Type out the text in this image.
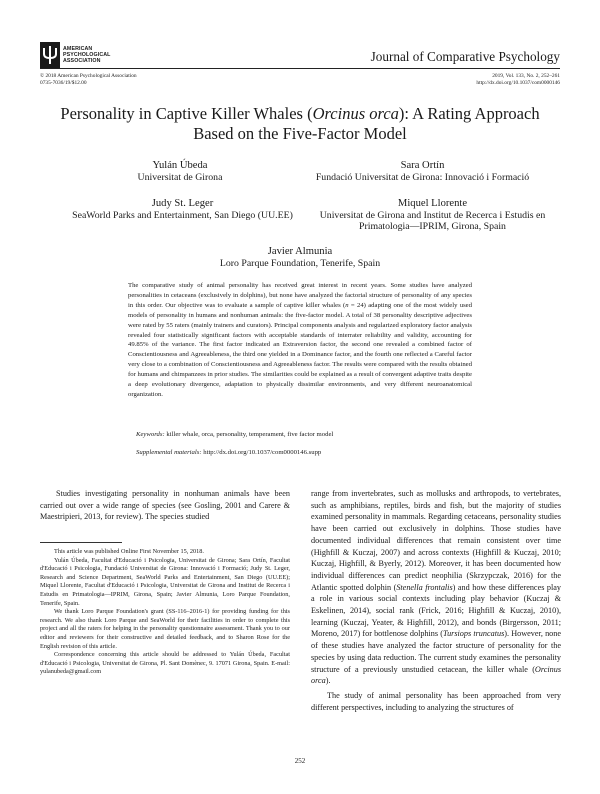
AMERICAN
PSYCHOLOGICAL
ASSOCIATION	Journal of Comparative Psychology
© 2018 American Psychological Association
0735-7036/19/$12.00
2019, Vol. 133, No. 2, 252–261
http://dx.doi.org/10.1037/com0000146
Personality in Captive Killer Whales (Orcinus orca): A Rating Approach Based on the Five-Factor Model
Yulán Úbeda
Universitat de Girona
Sara Ortín
Fundació Universitat de Girona: Innovació i Formació
Judy St. Leger
SeaWorld Parks and Entertainment, San Diego (UU.EE)
Miquel Llorente
Universitat de Girona and Institut de Recerca i Estudis en Primatologia—IPRIM, Girona, Spain
Javier Almunia
Loro Parque Foundation, Tenerife, Spain
The comparative study of animal personality has received great interest in recent years. Some studies have analyzed personalities in cetaceans (exclusively in dolphins), but none have analyzed the factorial structure of personality of any species in this order. Our objective was to evaluate a sample of captive killer whales (n = 24) adapting one of the most widely used models of personality in humans and nonhuman animals: the five-factor model. A total of 38 personality descriptive adjectives were rated by 55 raters (mainly trainers and curators). Principal components analysis and regularized exploratory factor analysis revealed four statistically significant factors with acceptable standards of interrater reliability and validity, accounting for 49.85% of the variance. The first factor indicated an Extraversion factor, the second one revealed a combined factor of Conscientiousness and Agreeableness, the third one yielded in a Dominance factor, and the fourth one reflected a Careful factor very close to a combination of Conscientiousness and Agreeableness factor. The results were compared with the results obtained for humans and chimpanzees in prior studies. The similarities could be explained as a result of convergent adaptive traits despite a deep evolutionary divergence, adaptation to physically dissimilar environments, and very different neuroanatomical organization.
Keywords: killer whale, orca, personality, temperament, five factor model
Supplemental materials: http://dx.doi.org/10.1037/com0000146.supp
Studies investigating personality in nonhuman animals have been carried out over a wide range of species (see Gosling, 2001 and Carere & Maestripieri, 2013, for review). The species studied

This article was published Online First November 15, 2018.

Yulán Úbeda, Facultat d'Educació i Psicologia, Universitat de Girona; Sara Ortín, Facultat d'Educació i Psicologia, Fundació Universitat de Girona: Innovació i Formació; Judy St. Leger, Research and Science Department, SeaWorld Parks and Entertainment, San Diego (UU.EE); Miquel Llorente, Facultat d'Educació i Psicologia, Universitat de Girona and Institut de Recerca i Estudis en Primatologia—IPRIM, Girona, Spain; Javier Almunia, Loro Parque Foundation, Tenerife, Spain.

We thank Loro Parque Foundation's grant (SS-116–2016-1) for providing funding for this research. We also thank Loro Parque and SeaWorld for their facilities in order to complete this project and all the raters for helping in the personality questionnaire assessment. Thank you to our editor and reviewers for their constructive and detailed feedback, and to Sharon Rose for the English revision of this article.

Correspondence concerning this article should be addressed to Yulán Úbeda, Facultat d'Educació i Psicologia, Universitat de Girona, Pl. Sant Domènec, 9. 17071 Girona, Spain. E-mail: yulanubeda@gmail.com

range from invertebrates, such as mollusks and arthropods, to vertebrates, such as amphibians, reptiles, birds and fish, but the majority of studies examined personality in mammals. Regarding cetaceans, personality studies have been carried out exclusively in dolphins. Those studies have documented individual differences that remain consistent over time (Highfill & Kuczaj, 2007) and across contexts (Highfill & Kuczaj, 2010; Kuczaj, Highfill, & Byerly, 2012). Moreover, it has been documented how individual differences can predict neophilia (Skrzypczak, 2016) for the Atlantic spotted dolphin (Stenella frontalis) and how these differences play a role in various social contexts including play behavior (Kuczaj & Eskelinen, 2014), social rank (Frick, 2016; Highfill & Kuczaj, 2010), learning (Kuczaj, Yeater, & Highfill, 2012), and bonds (Birgersson, 2011; Moreno, 2017) for bottlenose dolphins (Tursiops truncatus). However, none of these studies have analyzed the factor structure of personality for the species by using data reduction. The current study examines the personality structure of a previously unstudied cetacean, the killer whale (Orcinus orca).

The study of animal personality has been approached from very different perspectives, including to analyzing the structures of

252
